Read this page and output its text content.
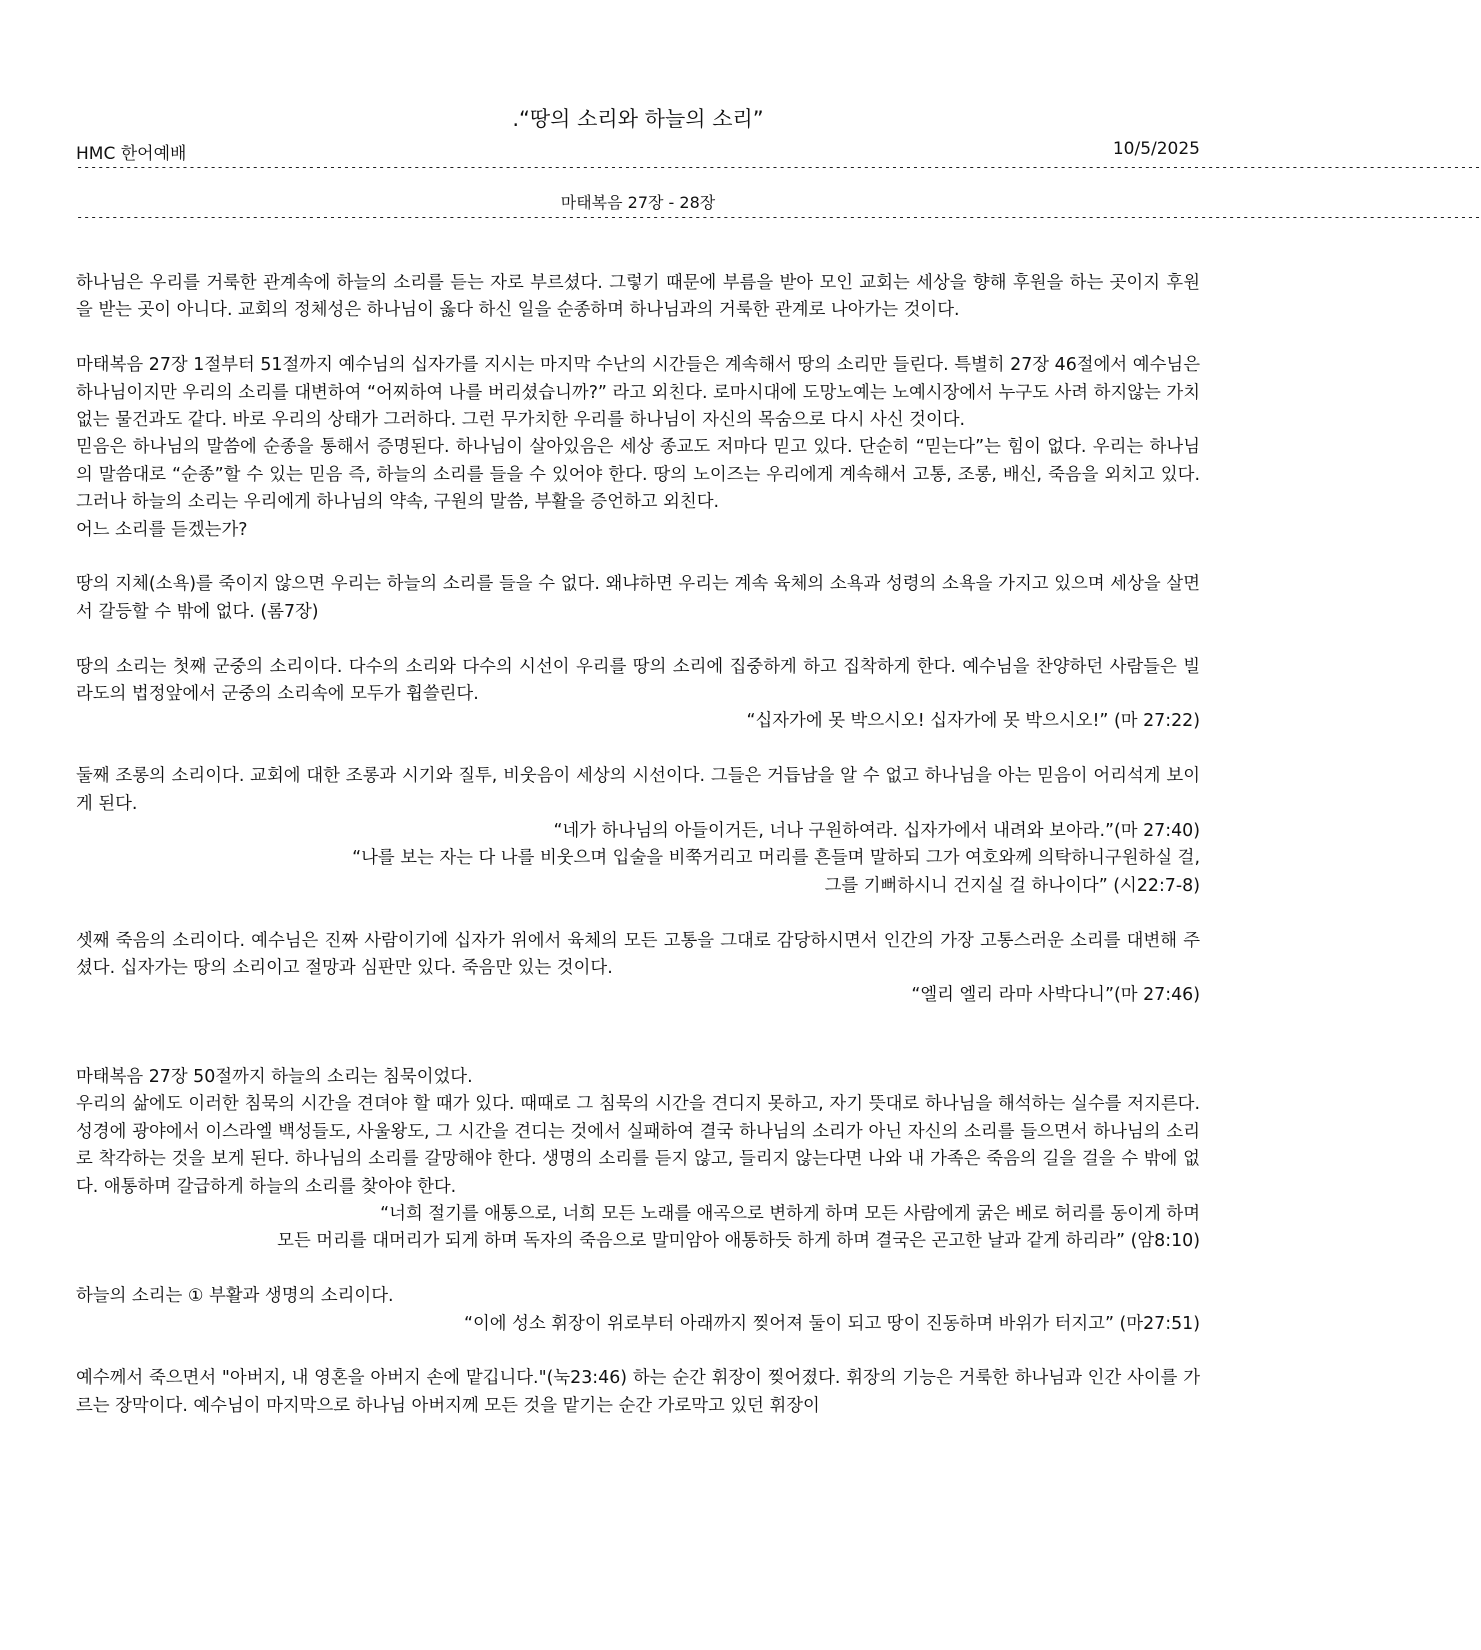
.“땅의 소리와 하늘의 소리”
HMC 한어예배	10/5/2025
--------------------------------------------------------------------------------------------------------------------------------------------------------------------------------------------------------
마태복음 27장 - 28장
--------------------------------------------------------------------------------------------------------------------------------------------------------------------------------------------------------

하나님은 우리를 거룩한 관계속에 하늘의 소리를 듣는 자로 부르셨다. 그렇기 때문에 부름을 받아 모인 교회는 세상을 향해 후원을 하는 곳이지 후원을 받는 곳이 아니다. 교회의 정체성은 하나님이 옳다 하신 일을 순종하며 하나님과의 거룩한 관계로 나아가는 것이다.

마태복음 27장 1절부터 51절까지 예수님의 십자가를 지시는 마지막 수난의 시간들은 계속해서 땅의 소리만 들린다. 특별히 27장 46절에서 예수님은 하나님이지만 우리의 소리를 대변하여 “어찌하여 나를 버리셨습니까?” 라고 외친다. 로마시대에 도망노예는 노예시장에서 누구도 사려 하지않는 가치없는 물건과도 같다. 바로 우리의 상태가 그러하다. 그런 무가치한 우리를 하나님이 자신의 목숨으로 다시 사신 것이다.

믿음은 하나님의 말씀에 순종을 통해서 증명된다. 하나님이 살아있음은 세상 종교도 저마다 믿고 있다. 단순히 “믿는다”는 힘이 없다. 우리는 하나님의 말씀대로 “순종”할 수 있는 믿음 즉, 하늘의 소리를 들을 수 있어야 한다. 땅의 노이즈는 우리에게 계속해서 고통, 조롱, 배신, 죽음을 외치고 있다. 그러나 하늘의 소리는 우리에게 하나님의 약속, 구원의 말씀, 부활을 증언하고 외친다.

어느 소리를 듣겠는가?

땅의 지체(소욕)를 죽이지 않으면 우리는 하늘의 소리를 들을 수 없다. 왜냐하면 우리는 계속 육체의 소욕과 성령의 소욕을 가지고 있으며 세상을 살면서 갈등할 수 밖에 없다. (롬7장)

땅의 소리는 첫째 군중의 소리이다. 다수의 소리와 다수의 시선이 우리를 땅의 소리에 집중하게 하고 집착하게 한다. 예수님을 찬양하던 사람들은 빌라도의 법정앞에서 군중의 소리속에 모두가 휩쓸린다.

“십자가에 못 박으시오! 십자가에 못 박으시오!” (마 27:22)

둘째 조롱의 소리이다. 교회에 대한 조롱과 시기와 질투, 비웃음이 세상의 시선이다. 그들은 거듭남을 알 수 없고 하나님을 아는 믿음이 어리석게 보이게 된다.

“네가 하나님의 아들이거든, 너나 구원하여라. 십자가에서 내려와 보아라.”(마 27:40)

“나를 보는 자는 다 나를 비웃으며 입술을 비쭉거리고 머리를 흔들며 말하되 그가 여호와께 의탁하니구원하실 걸,

그를 기뻐하시니 건지실 걸 하나이다” (시22:7-8)

셋째 죽음의 소리이다. 예수님은 진짜 사람이기에 십자가 위에서 육체의 모든 고통을 그대로 감당하시면서 인간의 가장 고통스러운 소리를 대변해 주셨다. 십자가는 땅의 소리이고 절망과 심판만 있다. 죽음만 있는 것이다.

“엘리 엘리 라마 사박다니”(마 27:46)

마태복음 27장 50절까지 하늘의 소리는 침묵이었다.

우리의 삶에도 이러한 침묵의 시간을 견뎌야 할 때가 있다. 때때로 그 침묵의 시간을 견디지 못하고, 자기 뜻대로 하나님을 해석하는 실수를 저지른다. 성경에 광야에서 이스라엘 백성들도, 사울왕도, 그 시간을 견디는 것에서 실패하여 결국 하나님의 소리가 아닌 자신의 소리를 들으면서 하나님의 소리로 착각하는 것을 보게 된다. 하나님의 소리를 갈망해야 한다. 생명의 소리를 듣지 않고, 들리지 않는다면 나와 내 가족은 죽음의 길을 걸을 수 밖에 없다. 애통하며 갈급하게 하늘의 소리를 찾아야 한다.

“너희 절기를 애통으로, 너희 모든 노래를 애곡으로 변하게 하며 모든 사람에게 굵은 베로 허리를 동이게 하며

모든 머리를 대머리가 되게 하며 독자의 죽음으로 말미암아 애통하듯 하게 하며 결국은 곤고한 날과 같게 하리라” (암8:10)

하늘의 소리는 ① 부활과 생명의 소리이다.

“이에 성소 휘장이 위로부터 아래까지 찢어져 둘이 되고 땅이 진동하며 바위가 터지고” (마27:51)

예수께서 죽으면서 "아버지, 내 영혼을 아버지 손에 맡깁니다."(눅23:46) 하는 순간 휘장이 찢어졌다. 휘장의 기능은 거룩한 하나님과 인간 사이를 가르는 장막이다. 예수님이 마지막으로 하나님 아버지께 모든 것을 맡기는 순간 가로막고 있던 휘장이
